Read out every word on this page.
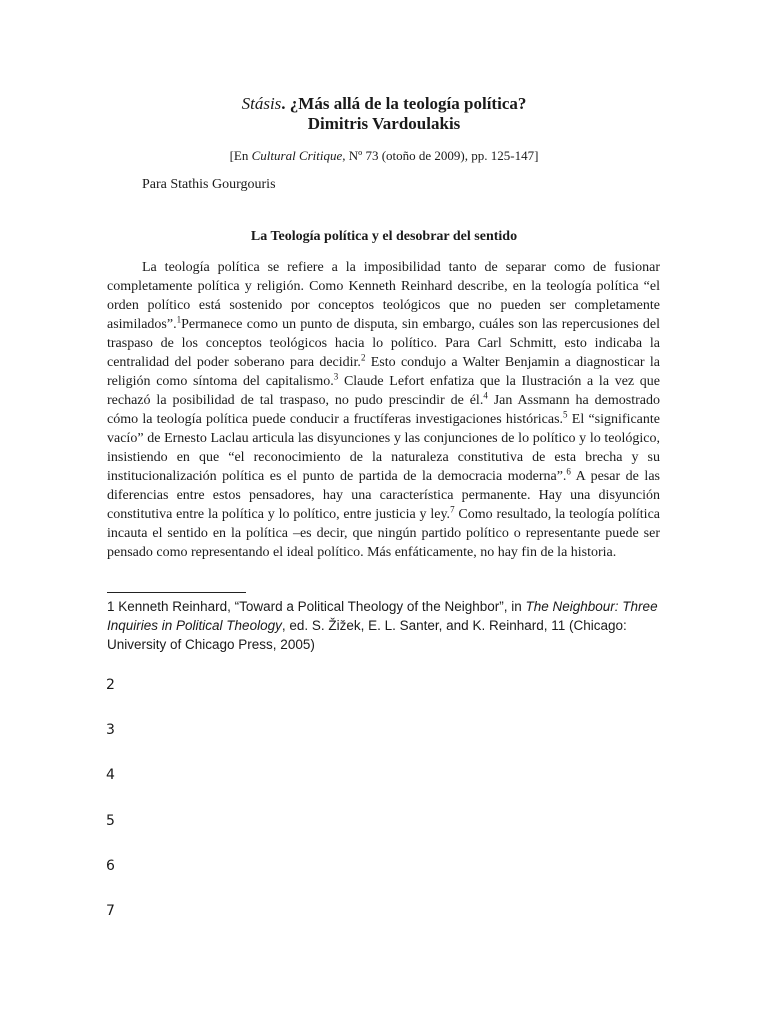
Stásis. ¿Más allá de la teología política?
Dimitris Vardoulakis
[En Cultural Critique, Nº 73 (otoño de 2009), pp. 125-147]
Para Stathis Gourgouris
La Teología política y el desobrar del sentido
La teología política se refiere a la imposibilidad tanto de separar como de fusionar completamente política y religión. Como Kenneth Reinhard describe, en la teología política “el orden político está sostenido por conceptos teológicos que no pueden ser completamente asimilados”.$^1$Permanece como un punto de disputa, sin embargo, cuáles son las repercusiones del traspaso de los conceptos teológicos hacia lo político. Para Carl Schmitt, esto indicaba la centralidad del poder soberano para decidir.$^2$ Esto condujo a Walter Benjamin a diagnosticar la religión como síntoma del capitalismo.$^3$ Claude Lefort enfatiza que la Ilustración a la vez que rechazó la posibilidad de tal traspaso, no pudo prescindir de él.$^4$ Jan Assmann ha demostrado cómo la teología política puede conducir a fructíferas investigaciones históricas.$^5$ El “significante vacío” de Ernesto Laclau articula las disyunciones y las conjunciones de lo político y lo teológico, insistiendo en que “el reconocimiento de la naturaleza constitutiva de esta brecha y su institucionalización política es el punto de partida de la democracia moderna”.$^6$ A pesar de las diferencias entre estos pensadores, hay una característica permanente. Hay una disyunción constitutiva entre la política y lo político, entre justicia y ley.$^7$ Como resultado, la teología política incauta el sentido en la política –es decir, que ningún partido político o representante puede ser pensado como representando el ideal político. Más enfáticamente, no hay fin de la historia.
1 Kenneth Reinhard, “Toward a Political Theology of the Neighbor”, in The Neighbour: Three Inquiries in Political Theology, ed. S. Žižek, E. L. Santer, and K. Reinhard, 11 (Chicago: University of Chicago Press, 2005)
2
3
4
5
6
7
